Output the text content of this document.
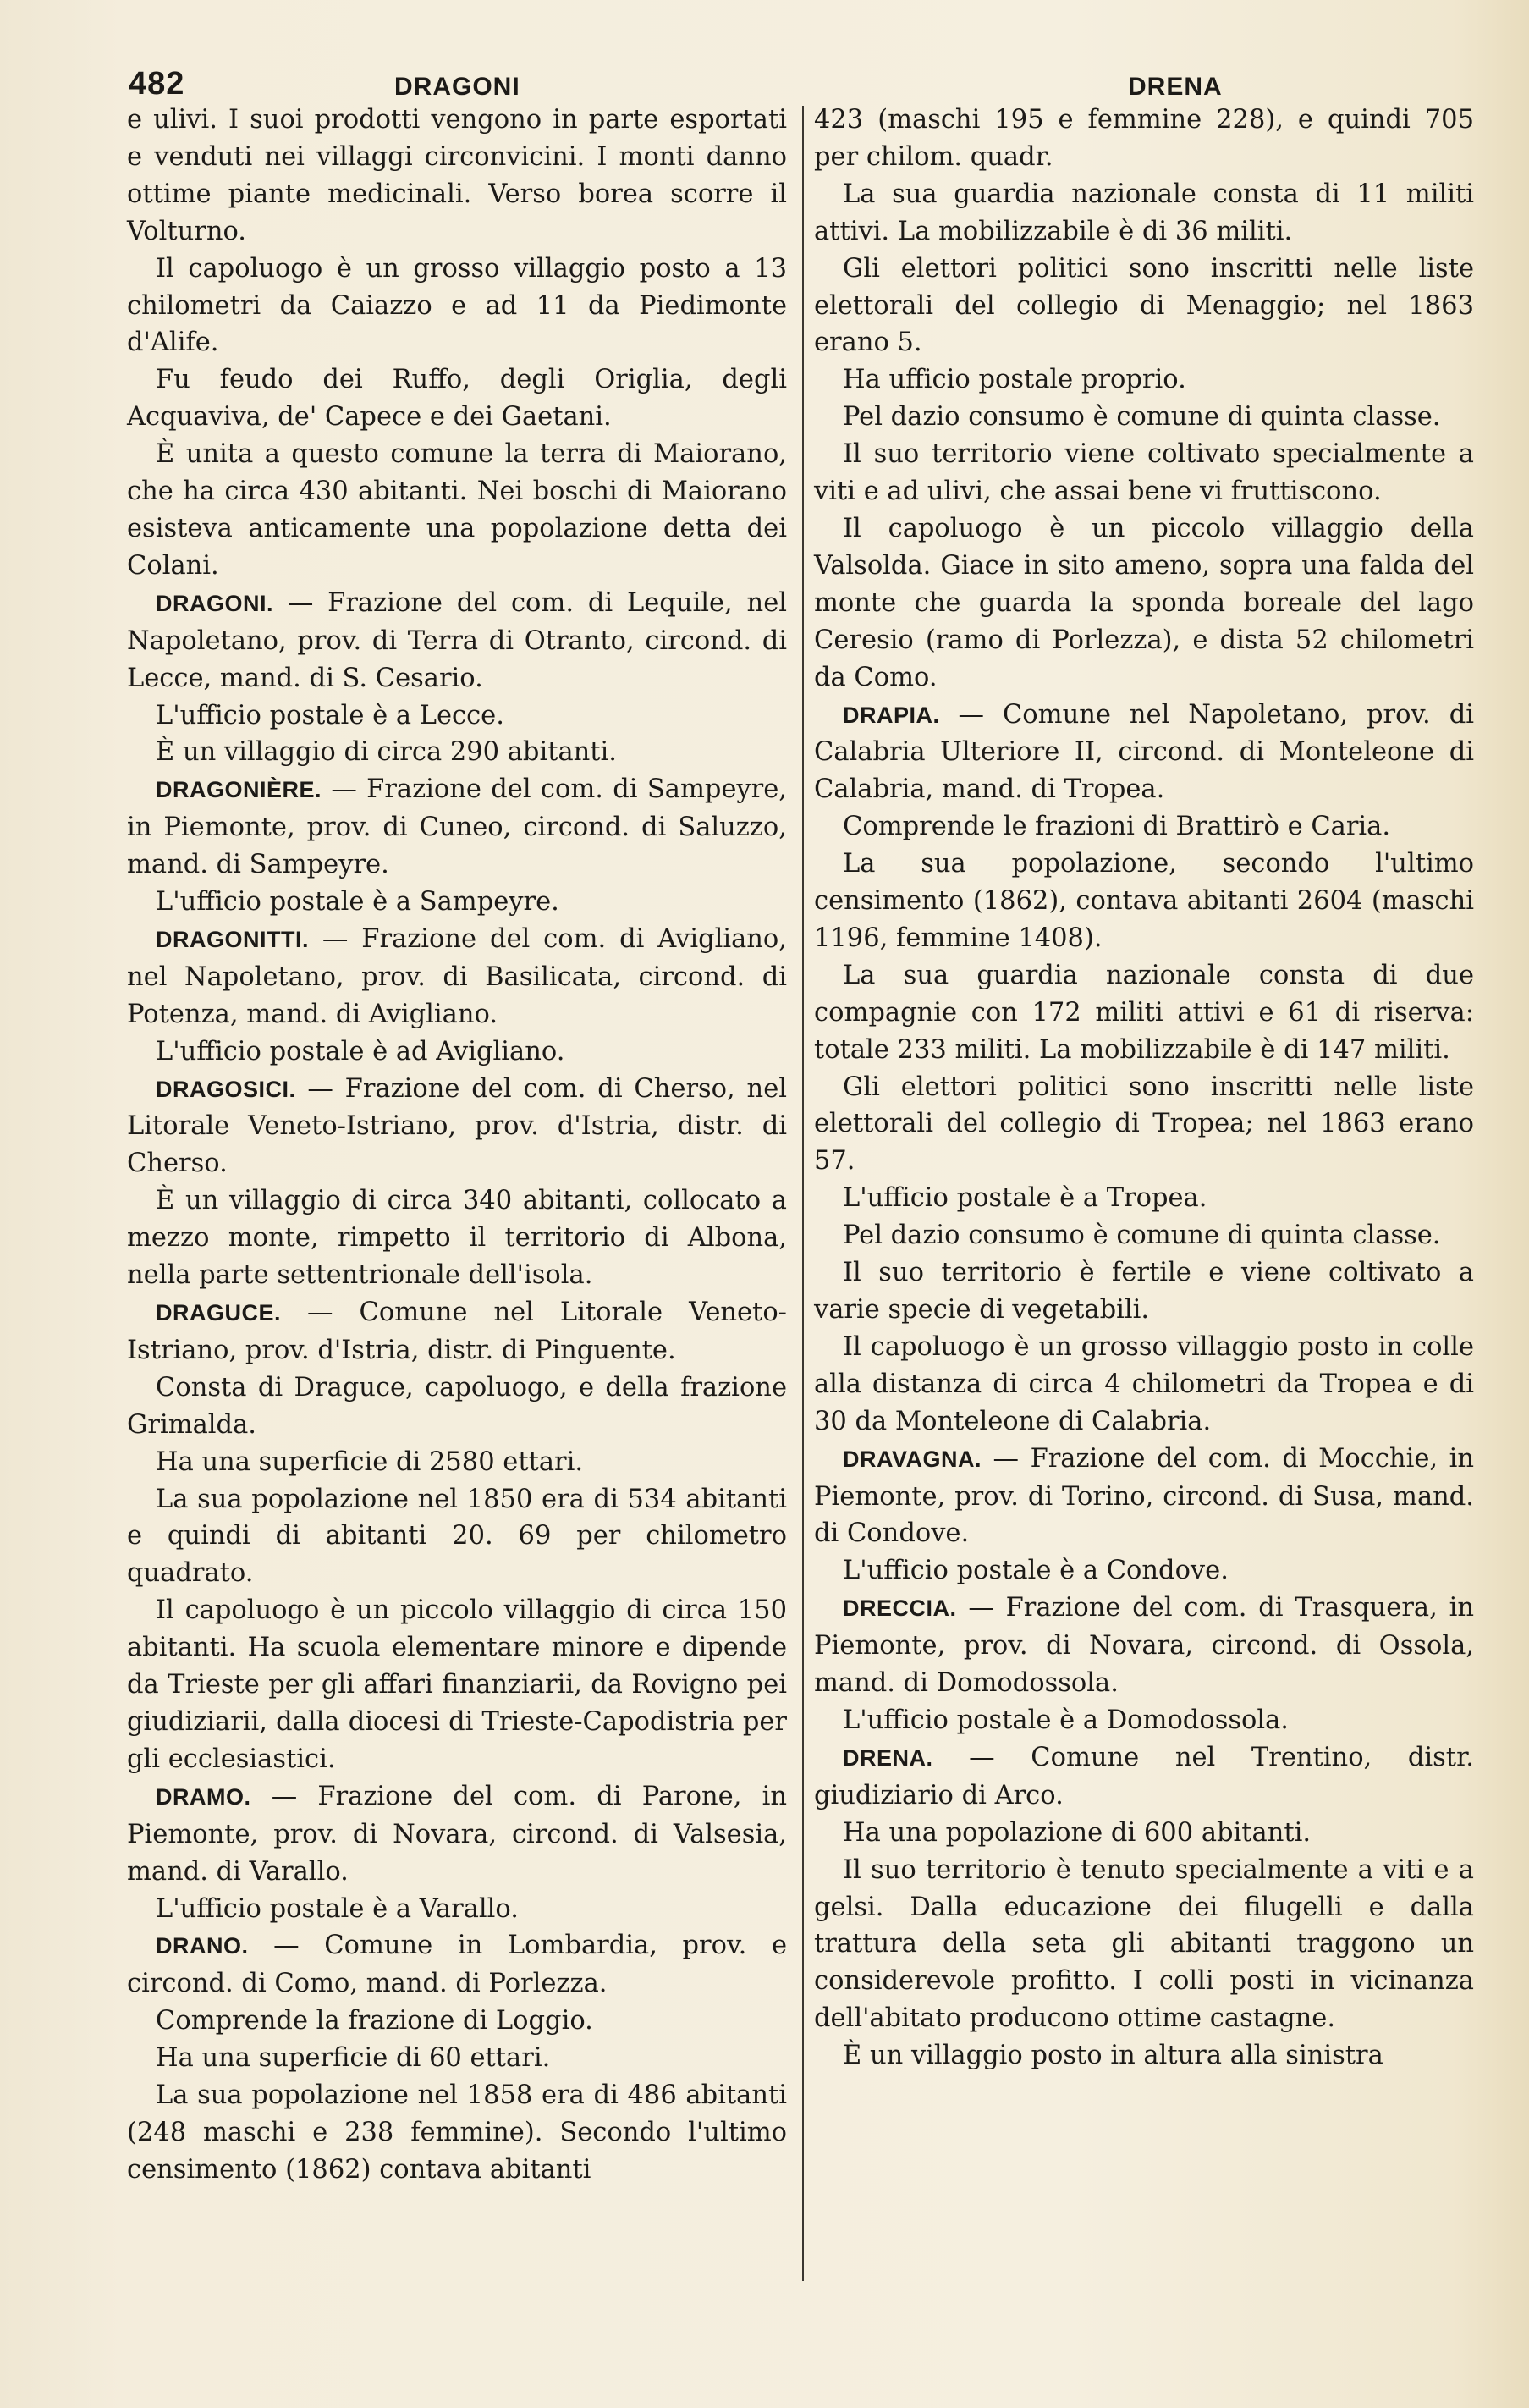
482	DRAGONI	DRENA

e ulivi. I suoi prodotti vengono in parte esportati e venduti nei villaggi circonvicini. I monti danno ottime piante medicinali. Verso borea scorre il Volturno.

Il capoluogo è un grosso villaggio posto a 13 chilometri da Caiazzo e ad 11 da Piedimonte d'Alife.

Fu feudo dei Ruffo, degli Origlia, degli Acquaviva, de' Capece e dei Gaetani.

È unita a questo comune la terra di Maiorano, che ha circa 430 abitanti. Nei boschi di Maiorano esisteva anticamente una popolazione detta dei Colani.

DRAGONI. — Frazione del com. di Lequile, nel Napoletano, prov. di Terra di Otranto, circond. di Lecce, mand. di S. Cesario.

L'ufficio postale è a Lecce.

È un villaggio di circa 290 abitanti.

DRAGONIÈRE. — Frazione del com. di Sampeyre, in Piemonte, prov. di Cuneo, circond. di Saluzzo, mand. di Sampeyre.

L'ufficio postale è a Sampeyre.

DRAGONITTI. — Frazione del com. di Avigliano, nel Napoletano, prov. di Basilicata, circond. di Potenza, mand. di Avigliano.

L'ufficio postale è ad Avigliano.

DRAGOSICI. — Frazione del com. di Cherso, nel Litorale Veneto-Istriano, prov. d'Istria, distr. di Cherso.

È un villaggio di circa 340 abitanti, collocato a mezzo monte, rimpetto il territorio di Albona, nella parte settentrionale dell'isola.

DRAGUCE. — Comune nel Litorale Veneto-Istriano, prov. d'Istria, distr. di Pinguente.

Consta di Draguce, capoluogo, e della frazione Grimalda.

Ha una superficie di 2580 ettari.

La sua popolazione nel 1850 era di 534 abitanti e quindi di abitanti 20. 69 per chilometro quadrato.

Il capoluogo è un piccolo villaggio di circa 150 abitanti. Ha scuola elementare minore e dipende da Trieste per gli affari finanziarii, da Rovigno pei giudiziarii, dalla diocesi di Trieste-Capodistria per gli ecclesiastici.

DRAMO. — Frazione del com. di Parone, in Piemonte, prov. di Novara, circond. di Valsesia, mand. di Varallo.

L'ufficio postale è a Varallo.

DRANO. — Comune in Lombardia, prov. e circond. di Como, mand. di Porlezza.

Comprende la frazione di Loggio.

Ha una superficie di 60 ettari.

La sua popolazione nel 1858 era di 486 abitanti (248 maschi e 238 femmine). Secondo l'ultimo censimento (1862) contava abitanti

423 (maschi 195 e femmine 228), e quindi 705 per chilom. quadr.

La sua guardia nazionale consta di 11 militi attivi. La mobilizzabile è di 36 militi.

Gli elettori politici sono inscritti nelle liste elettorali del collegio di Menaggio; nel 1863 erano 5.

Ha ufficio postale proprio.

Pel dazio consumo è comune di quinta classe.

Il suo territorio viene coltivato specialmente a viti e ad ulivi, che assai bene vi fruttiscono.

Il capoluogo è un piccolo villaggio della Valsolda. Giace in sito ameno, sopra una falda del monte che guarda la sponda boreale del lago Ceresio (ramo di Porlezza), e dista 52 chilometri da Como.

DRAPIA. — Comune nel Napoletano, prov. di Calabria Ulteriore II, circond. di Monteleone di Calabria, mand. di Tropea.

Comprende le frazioni di Brattirò e Caria.

La sua popolazione, secondo l'ultimo censimento (1862), contava abitanti 2604 (maschi 1196, femmine 1408).

La sua guardia nazionale consta di due compagnie con 172 militi attivi e 61 di riserva: totale 233 militi. La mobilizzabile è di 147 militi.

Gli elettori politici sono inscritti nelle liste elettorali del collegio di Tropea; nel 1863 erano 57.

L'ufficio postale è a Tropea.

Pel dazio consumo è comune di quinta classe.

Il suo territorio è fertile e viene coltivato a varie specie di vegetabili.

Il capoluogo è un grosso villaggio posto in colle alla distanza di circa 4 chilometri da Tropea e di 30 da Monteleone di Calabria.

DRAVAGNA. — Frazione del com. di Mocchie, in Piemonte, prov. di Torino, circond. di Susa, mand. di Condove.

L'ufficio postale è a Condove.

DRECCIA. — Frazione del com. di Trasquera, in Piemonte, prov. di Novara, circond. di Ossola, mand. di Domodossola.

L'ufficio postale è a Domodossola.

DRENA. — Comune nel Trentino, distr. giudiziario di Arco.

Ha una popolazione di 600 abitanti.

Il suo territorio è tenuto specialmente a viti e a gelsi. Dalla educazione dei filugelli e dalla trattura della seta gli abitanti traggono un considerevole profitto. I colli posti in vicinanza dell'abitato producono ottime castagne.

È un villaggio posto in altura alla sinistra
